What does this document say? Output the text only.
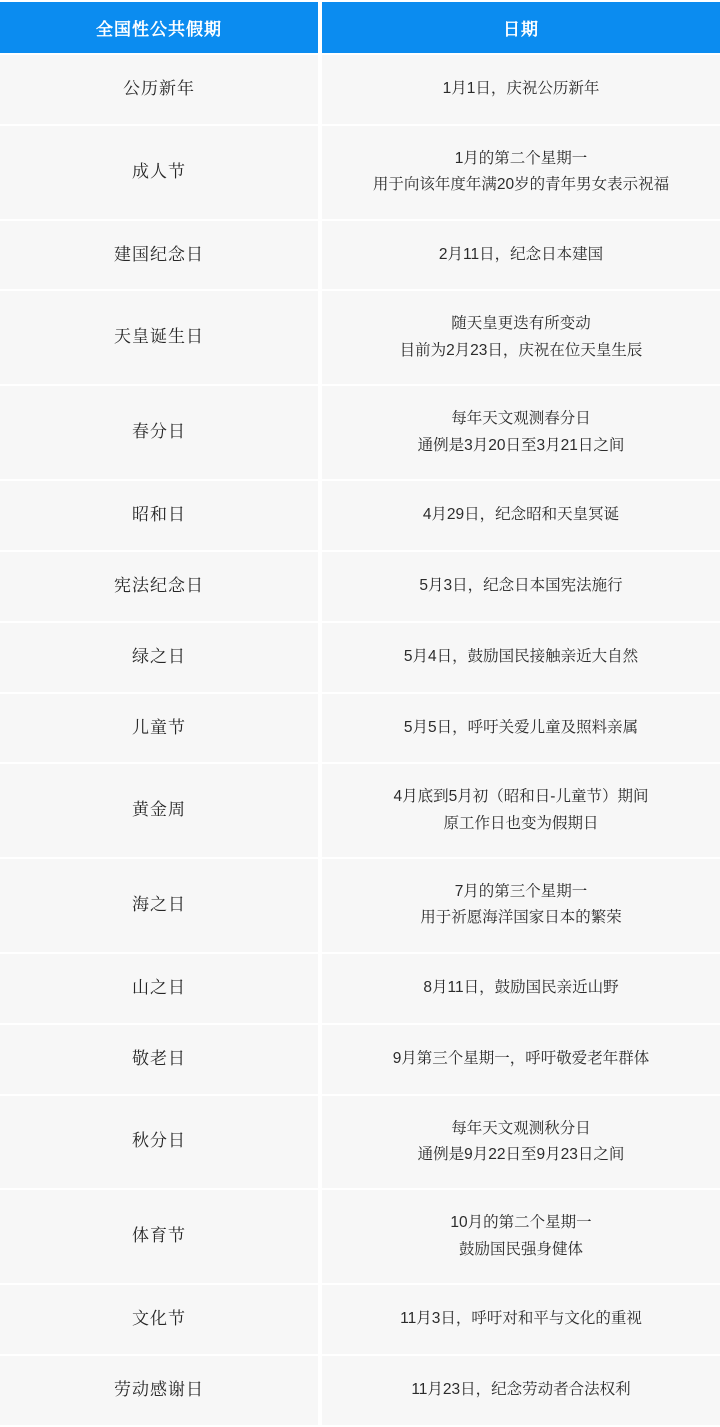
全国性公共假期		日期
公历新年		1月1日，庆祝公历新年

成人节		1月的第二个星期一
用于向该年度年满20岁的青年男女表示祝福

建国纪念日		2月11日，纪念日本建国

天皇诞生日		随天皇更迭有所变动
目前为2月23日，庆祝在位天皇生辰

春分日		每年天文观测春分日
通例是3月20日至3月21日之间

昭和日		4月29日，纪念昭和天皇冥诞

宪法纪念日		5月3日，纪念日本国宪法施行

绿之日		5月4日，鼓励国民接触亲近大自然

儿童节		5月5日，呼吁关爱儿童及照料亲属

黄金周		4月底到5月初（昭和日-儿童节）期间
原工作日也变为假期日

海之日		7月的第三个星期一
用于祈愿海洋国家日本的繁荣

山之日		8月11日，鼓励国民亲近山野

敬老日		9月第三个星期一，呼吁敬爱老年群体

秋分日		每年天文观测秋分日
通例是9月22日至9月23日之间

体育节		10月的第二个星期一
鼓励国民强身健体

文化节		11月3日，呼吁对和平与文化的重视

劳动感谢日		11月23日，纪念劳动者合法权利
